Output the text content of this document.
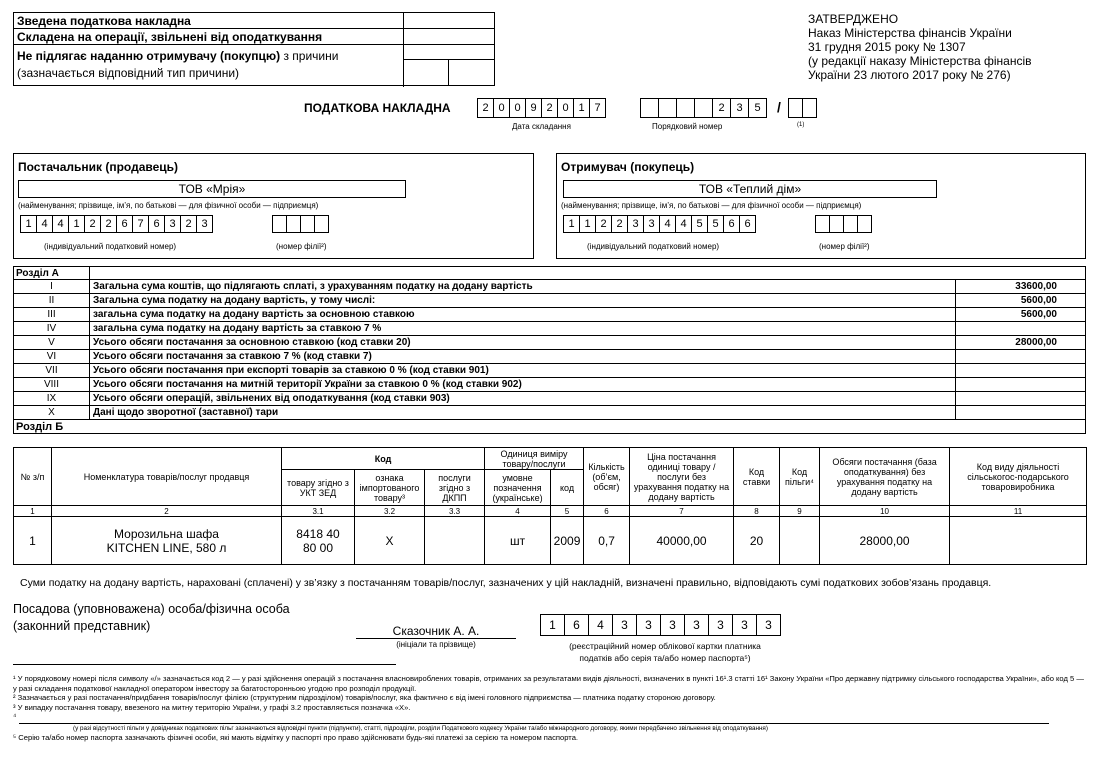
Зведена податкова накладна
Складена на операції, звільнені від оподаткування
Не підлягає наданню отримувачу (покупцю) з причини
(зазначається відповідний тип причини)
ЗАТВЕРДЖЕНО
Наказ Міністерства фінансів України
31 грудня 2015 року № 1307
(у редакції наказу Міністерства фінансів
України 23 лютого 2017 року № 276)
ПОДАТКОВА НАКЛАДНА	2 0 0 9 2 0 1 7
Дата складання
2	3	5	/
Порядковий номер	(1)
Постачальник (продавець)
ТОВ «Мрія»
(найменування; прізвище, ім’я, по батькові — для фізичної особи — підприємця)
1 4 4 1 2 2 6 7 6 3 2 3
(індивідуальний податковий номер)	(номер філії²)
Отримувач (покупець)
ТОВ «Теплий дім»
(найменування; прізвище, ім’я, по батькові — для фізичної особи — підприємця)
1 1 2 2 3 3 4 4 5 5 6 6
(індивідуальний податковий номер)	(номер філії²)
Розділ А		
I	Загальна сума коштів, що підлягають сплаті, з урахуванням податку на додану вартість	33600,00
II	Загальна сума податку на додану вартість, у тому числі:	5600,00
III	загальна сума податку на додану вартість за основною ставкою	5600,00
IV	загальна сума податку на додану вартість за ставкою 7 %	
V	Усього обсяги постачання за основною ставкою (код ставки 20)	28000,00
VI	Усього обсяги постачання за ставкою 7 % (код ставки 7)	
VII	Усього обсяги постачання при експорті товарів за ставкою 0 % (код ставки 901)	
VIII	Усього обсяги постачання на митній території України за ставкою 0 % (код ставки 902)	
IX	Усього обсяги операцій, звільнених від оподаткування (код ставки 903)	
X	Дані щодо зворотної (заставної) тари	
Розділ Б		
№ з/п	Номенклатура товарів/послуг продавця	Код			Одиниця виміру товару/послуги		Кількість (об’єм, обсяг)	Ціна постачання одиниці товару / послуги без урахування податку на додану вартість	Код ставки	Код пільги⁴	Обсяги постачання (база оподаткування) без урахування податку на додану вартість	Код виду діяльності сільськогос-подарського товаровиробника
		товару згідно з УКТ ЗЕД	ознака імпортованого товару³	послуги згідно з ДКПП	умовне позначення (українське)	код						
1	2	3.1	3.2	3.3	4	5	6	7	8	9	10	11
1	Морозильна шафа KITCHEN LINE, 580 л	8418 40 80 00	Х		шт	2009	0,7	40000,00	20		28000,00	
Суми податку на додану вартість, нараховані (сплачені) у зв’язку з постачанням товарів/послуг, зазначених у цій накладній, визначені правильно, відповідають сумі податкових зобов’язань продавця.
Посадова (уповноважена) особа/фізична особа
(законний представник)	Сказочник А. А.
(ініціали та прізвище)
1	6	4	3	3	3	3	3	3	3
(реєстраційний номер облікової картки платника
податків або серія та/або номер паспорта⁵)
¹ У порядковому номері після символу «/» зазначається код 2 — у разі здійснення операцій з постачання власновироблених товарів, отриманих за результатами видів діяльності, визначених в пункті 16¹.3 статті 16¹ Закону України «Про державну підтримку сільського господарства України», або код 5 — у разі складання податкової накладної оператором інвестору за багатосторонньою угодою про розподіл продукції.
² Зазначається у разі постачання/придбання товарів/послуг філією (структурним підрозділом) товарів/послуг, яка фактично є від імені головного підприємства — платника податку стороною договору.
³ У випадку постачання товару, ввезеного на митну територію України, у графі 3.2 проставляється позначка «Х».
⁴
(у разі відсутності пільги у довідниках податкових пільг зазначаються відповідні пункти (підпункти), статті, підрозділи, розділи Податкового кодексу України та/або міжнародного договору, якими передбачено звільнення від оподаткування)
⁵ Серію та/або номер паспорта зазначають фізичні особи, які мають відмітку у паспорті про право здійснювати будь-які платежі за серією та номером паспорта.
